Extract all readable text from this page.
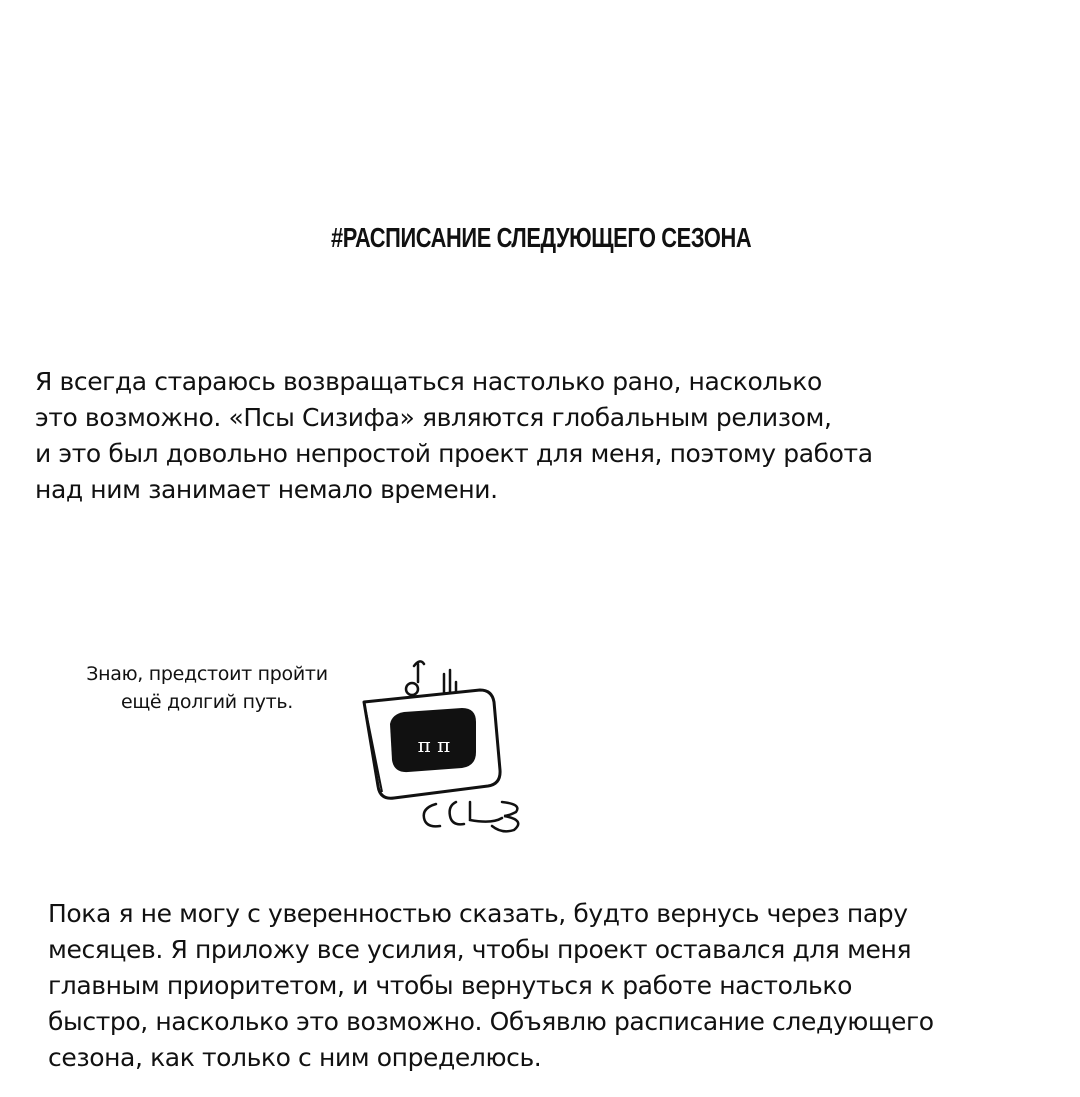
#РАСПИСАНИЕ СЛЕДУЮЩЕГО СЕЗОНА
Я всегда стараюсь возвращаться настолько рано, насколько
это возможно. «Псы Сизифа» являются глобальным релизом,
и это был довольно непростой проект для меня, поэтому работа
над ним занимает немало времени.
Знаю, предстоит пройти
ещё долгий путь.
π π
Пока я не могу с уверенностью сказать, будто вернусь через пару
месяцев. Я приложу все усилия, чтобы проект оставался для меня
главным приоритетом, и чтобы вернуться к работе настолько
быстро, насколько это возможно. Объявлю расписание следующего
сезона, как только с ним определюсь.
